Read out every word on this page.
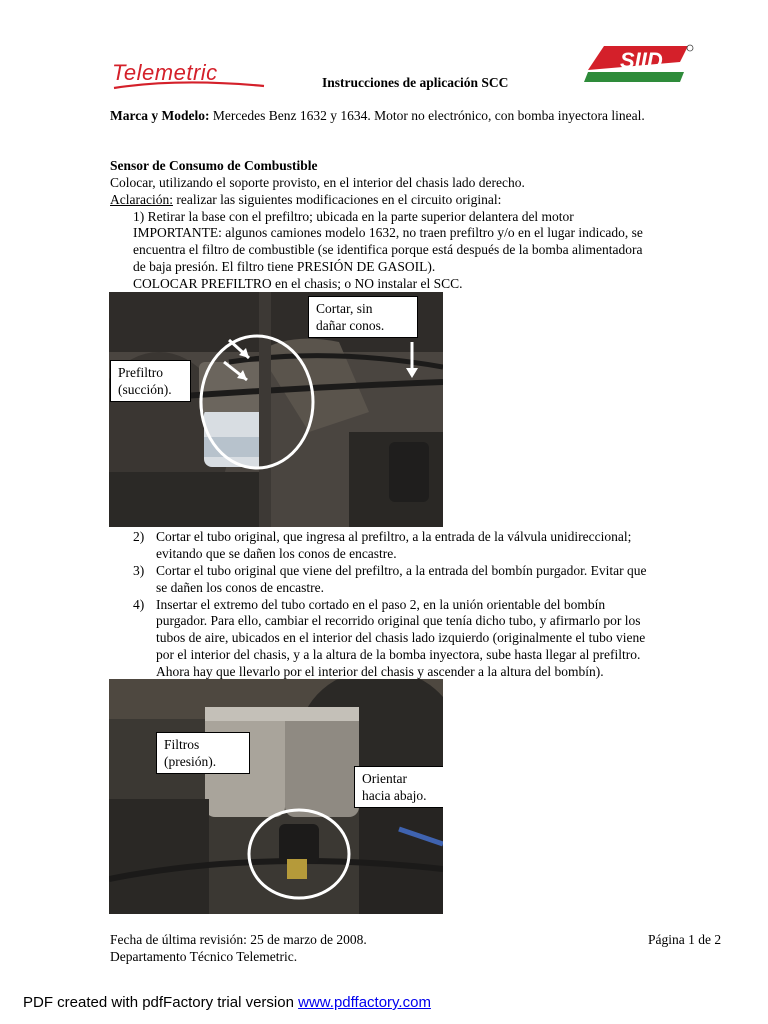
Telemetric	Instrucciones de aplicación SCC
SIID
Marca y Modelo: Mercedes Benz 1632 y 1634. Motor no electrónico, con bomba inyectora lineal.
Sensor de Consumo de Combustible
Colocar, utilizando el soporte provisto, en el interior del chasis lado derecho.
Aclaración: realizar las siguientes modificaciones en el circuito original:
1) Retirar la base con el prefiltro; ubicada en la parte superior delantera del motor
IMPORTANTE: algunos camiones modelo 1632, no traen prefiltro y/o en el lugar indicado, se
encuentra el filtro de combustible (se identifica porque está después de la bomba alimentadora
de baja presión. El filtro tiene PRESIÓN DE GASOIL).
COLOCAR PREFILTRO en el chasis; o NO instalar el SCC.
Cortar, sin
dañar conos.
Prefiltro
(succión).
2) Cortar el tubo original, que ingresa al prefiltro, a la entrada de la válvula unidireccional;
evitando que se dañen los conos de encastre.
3) Cortar el tubo original que viene del prefiltro, a la entrada del bombín purgador. Evitar que
se dañen los conos de encastre.
4) Insertar el extremo del tubo cortado en el paso 2, en la unión orientable del bombín
purgador. Para ello, cambiar el recorrido original que tenía dicho tubo, y afirmarlo por los
tubos de aire, ubicados en el interior del chasis lado izquierdo (originalmente el tubo viene
por el interior del chasis, y a la altura de la bomba inyectora, sube hasta llegar al prefiltro.
Ahora hay que llevarlo por el interior del chasis y ascender a la altura del bombín).
Filtros
(presión).
Orientar
hacia abajo.
Fecha de última revisión: 25 de marzo de 2008.
Departamento Técnico Telemetric.
Página 1 de 2
PDF created with pdfFactory trial version www.pdffactory.com
